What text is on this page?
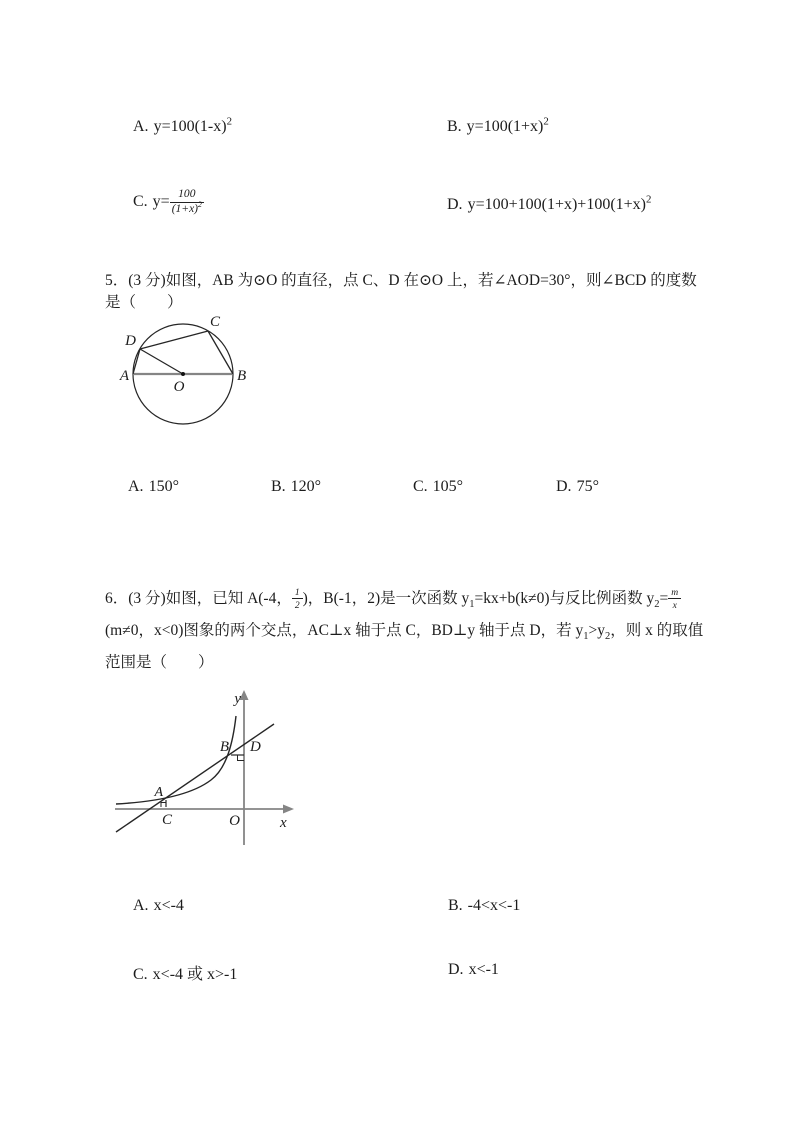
A. $y=100(1-x)^2$	B. $y=100(1+x)^2$
C. $y= \frac{100}{(1+x)^2}$	D. $y=100+100(1+x)+100(1+x)^2$
5．(3 分)如图，AB 为⊙O 的直径，点 C、D 在⊙O 上，若∠AOD=30°，则∠BCD 的度数是（　　）
A	B
C
D
O
A. 150°	B. 120°	C. 105°	D. 75°
6．(3 分)如图，已知 A(-4， $\frac{1}{2}$ )，B(-1，2)是一次函数 $y_1=kx+b(k\ne 0)$与反比例函数 $y_2= \frac{m}{x}$
(m≠0，x<0)图象的两个交点，AC⊥x 轴于点 C，BD⊥y 轴于点 D，若 $y_1>y_2$，则 x 的取值范围是（　　）
y
x
O
A
B
C
D
A. x<-4	B. -4<x<-1
C. x<-4 或 x>-1	D. x<-1
